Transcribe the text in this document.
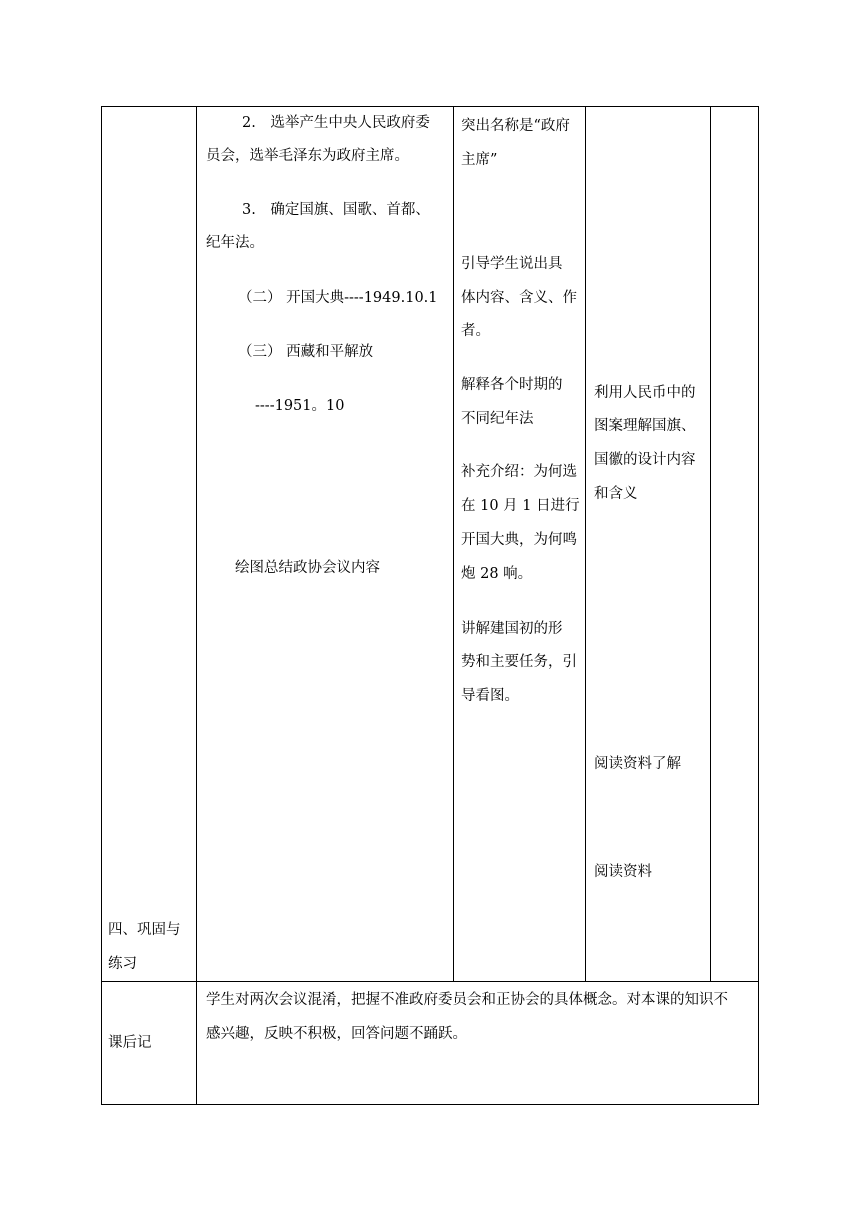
四、巩固与
练习
课后记
2.　选举产生中央人民政府委
员会，选举毛泽东为政府主席。
3.　确定国旗、国歌、首都、
纪年法。
（二） 开国大典----1949.10.1
（三） 西藏和平解放
----1951。10
绘图总结政协会议内容
学生对两次会议混淆，把握不准政府委员会和正协会的具体概念。对本课的知识不
感兴趣，反映不积极，回答问题不踊跃。
突出名称是“政府
主席”
引导学生说出具
体内容、含义、作
者。
解释各个时期的
不同纪年法
补充介绍：为何选
在 10 月 1 日进行
开国大典，为何鸣
炮 28 响。
讲解建国初的形
势和主要任务，引
导看图。
利用人民币中的
图案理解国旗、
国徽的设计内容
和含义
阅读资料了解
阅读资料
